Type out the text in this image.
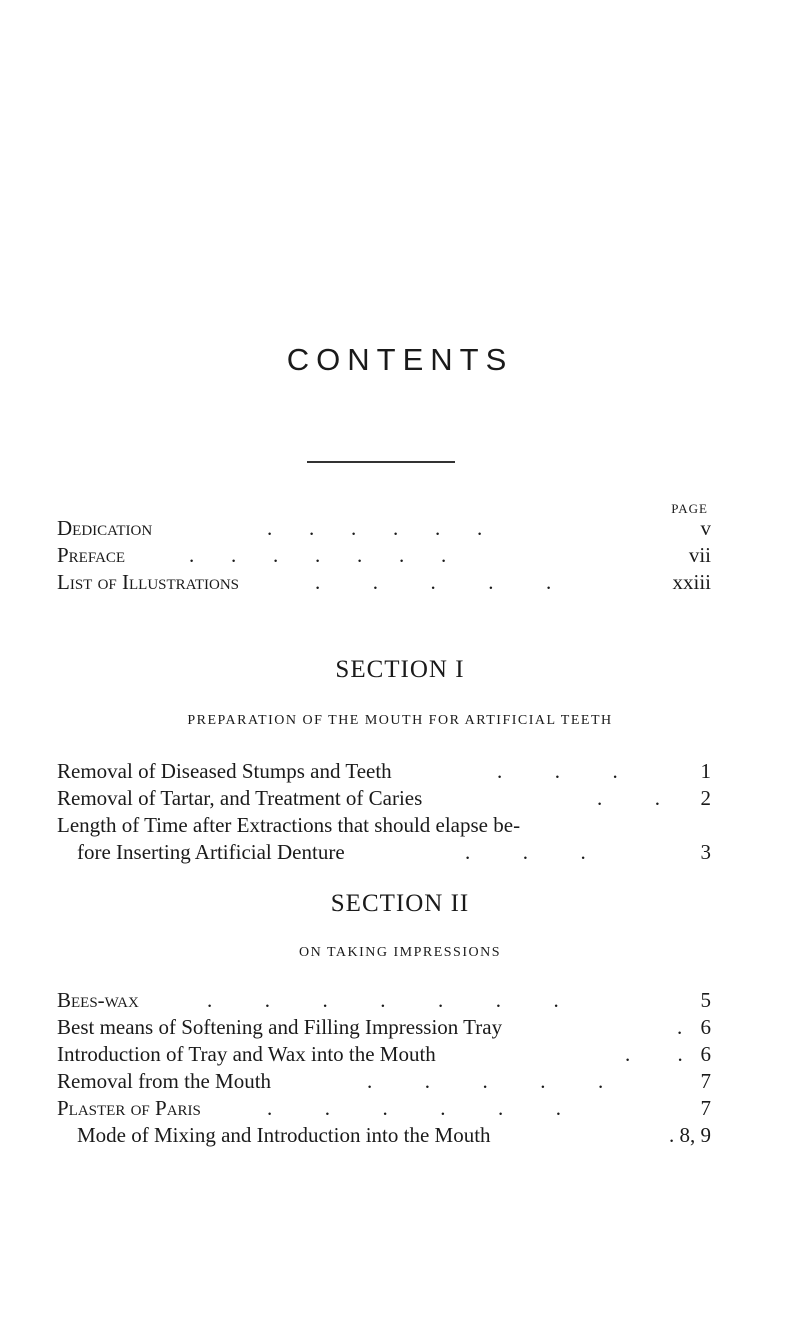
CONTENTS
PAGE
Dedication	.       .       .       .       .       .	v
Preface	.       .       .       .       .       .       .	vii
List of Illustrations	.          .          .          .          .	xxiii
SECTION I
PREPARATION OF THE MOUTH FOR ARTIFICIAL TEETH
Removal of Diseased Stumps and Teeth	.          .          .	1
Removal of Tartar, and Treatment of Caries	.          . 2
Length of Time after Extractions that should elapse be-
fore Inserting Artificial Denture	.          .          .	3
SECTION II
ON TAKING IMPRESSIONS
Bees-wax	.          .          .          .          .          .          .	5
Best means of Softening and Filling Impression Tray	. 6
Introduction of Tray and Wax into the Mouth	.         . 6
Removal from the Mouth	.          .          .          .          .	7
Plaster of Paris	.          .          .          .          .          .	7
Mode of Mixing and Introduction into the Mouth	. 8, 9
